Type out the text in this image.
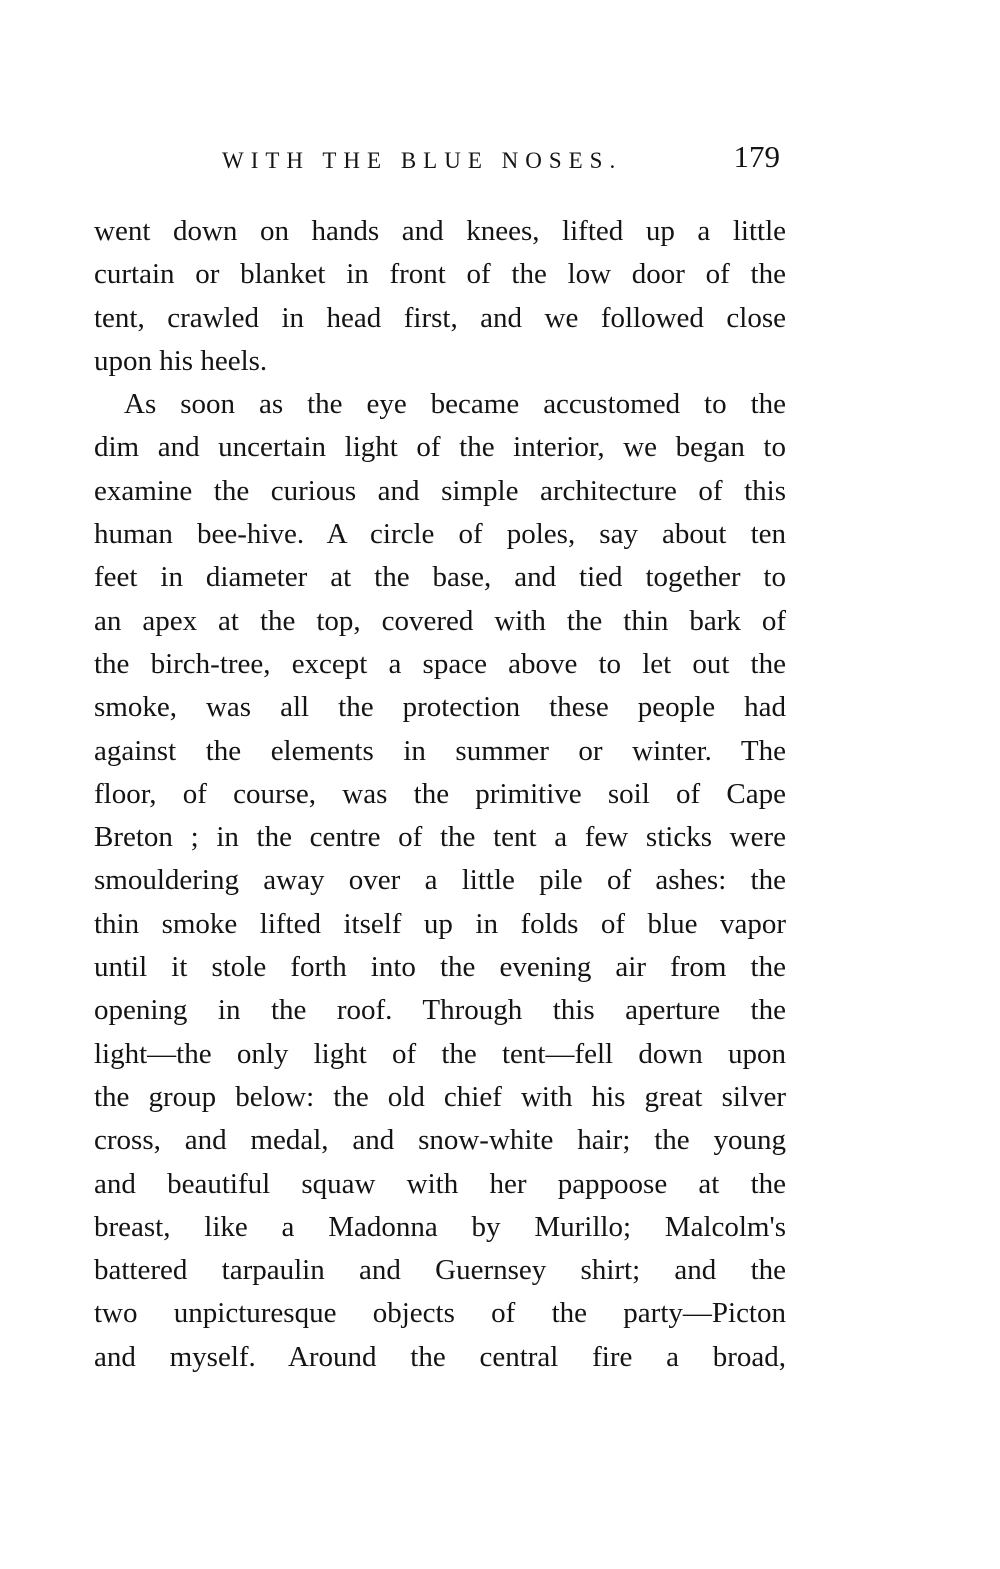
WITH THE BLUE NOSES.	179
went down on hands and knees, lifted up a little
curtain or blanket in front of the low door of the
tent, crawled in head first, and we followed close
upon his heels.
As soon as the eye became accustomed to the
dim and uncertain light of the interior, we began to
examine the curious and simple architecture of this
human bee-hive. A circle of poles, say about ten
feet in diameter at the base, and tied together to
an apex at the top, covered with the thin bark of
the birch-tree, except a space above to let out the
smoke, was all the protection these people had
against the elements in summer or winter. The
floor, of course, was the primitive soil of Cape
Breton ; in the centre of the tent a few sticks were
smouldering away over a little pile of ashes: the
thin smoke lifted itself up in folds of blue vapor
until it stole forth into the evening air from the
opening in the roof. Through this aperture the
light—the only light of the tent—fell down upon
the group below: the old chief with his great silver
cross, and medal, and snow-white hair; the young
and beautiful squaw with her pappoose at the
breast, like a Madonna by Murillo; Malcolm's
battered tarpaulin and Guernsey shirt; and the
two unpicturesque objects of the party—Picton
and myself. Around the central fire a broad,
